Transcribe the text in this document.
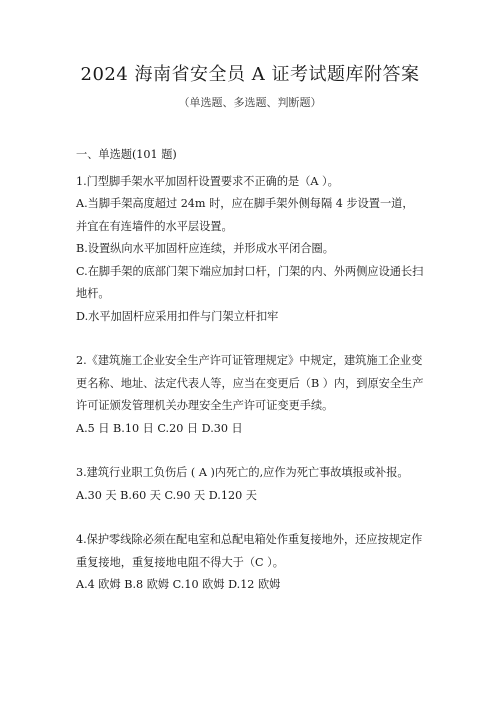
2024 海南省安全员 A 证考试题库附答案
（单选题、多选题、判断题）
一、单选题(101 题)
1.门型脚手架水平加固杆设置要求不正确的是（A ）。
A.当脚手架高度超过 24m 时，应在脚手架外侧每隔 4 步设置一道，并宜在有连墙件的水平层设置。
B.设置纵向水平加固杆应连续，并形成水平闭合圈。
C.在脚手架的底部门架下端应加封口杆，门架的内、外两侧应设通长扫地杆。
D.水平加固杆应采用扣件与门架立杆扣牢
2.《建筑施工企业安全生产许可证管理规定》中规定，建筑施工企业变更名称、地址、法定代表人等，应当在变更后（B ）内，到原安全生产许可证颁发管理机关办理安全生产许可证变更手续。
A.5 日 B.10 日 C.20 日 D.30 日
3.建筑行业职工负伤后 ( A )内死亡的,应作为死亡事故填报或补报。
A.30 天 B.60 天 C.90 天 D.120 天
4.保护零线除必须在配电室和总配电箱处作重复接地外，还应按规定作重复接地，重复接地电阻不得大于（C ）。
A.4 欧姆 B.8 欧姆 C.10 欧姆 D.12 欧姆
